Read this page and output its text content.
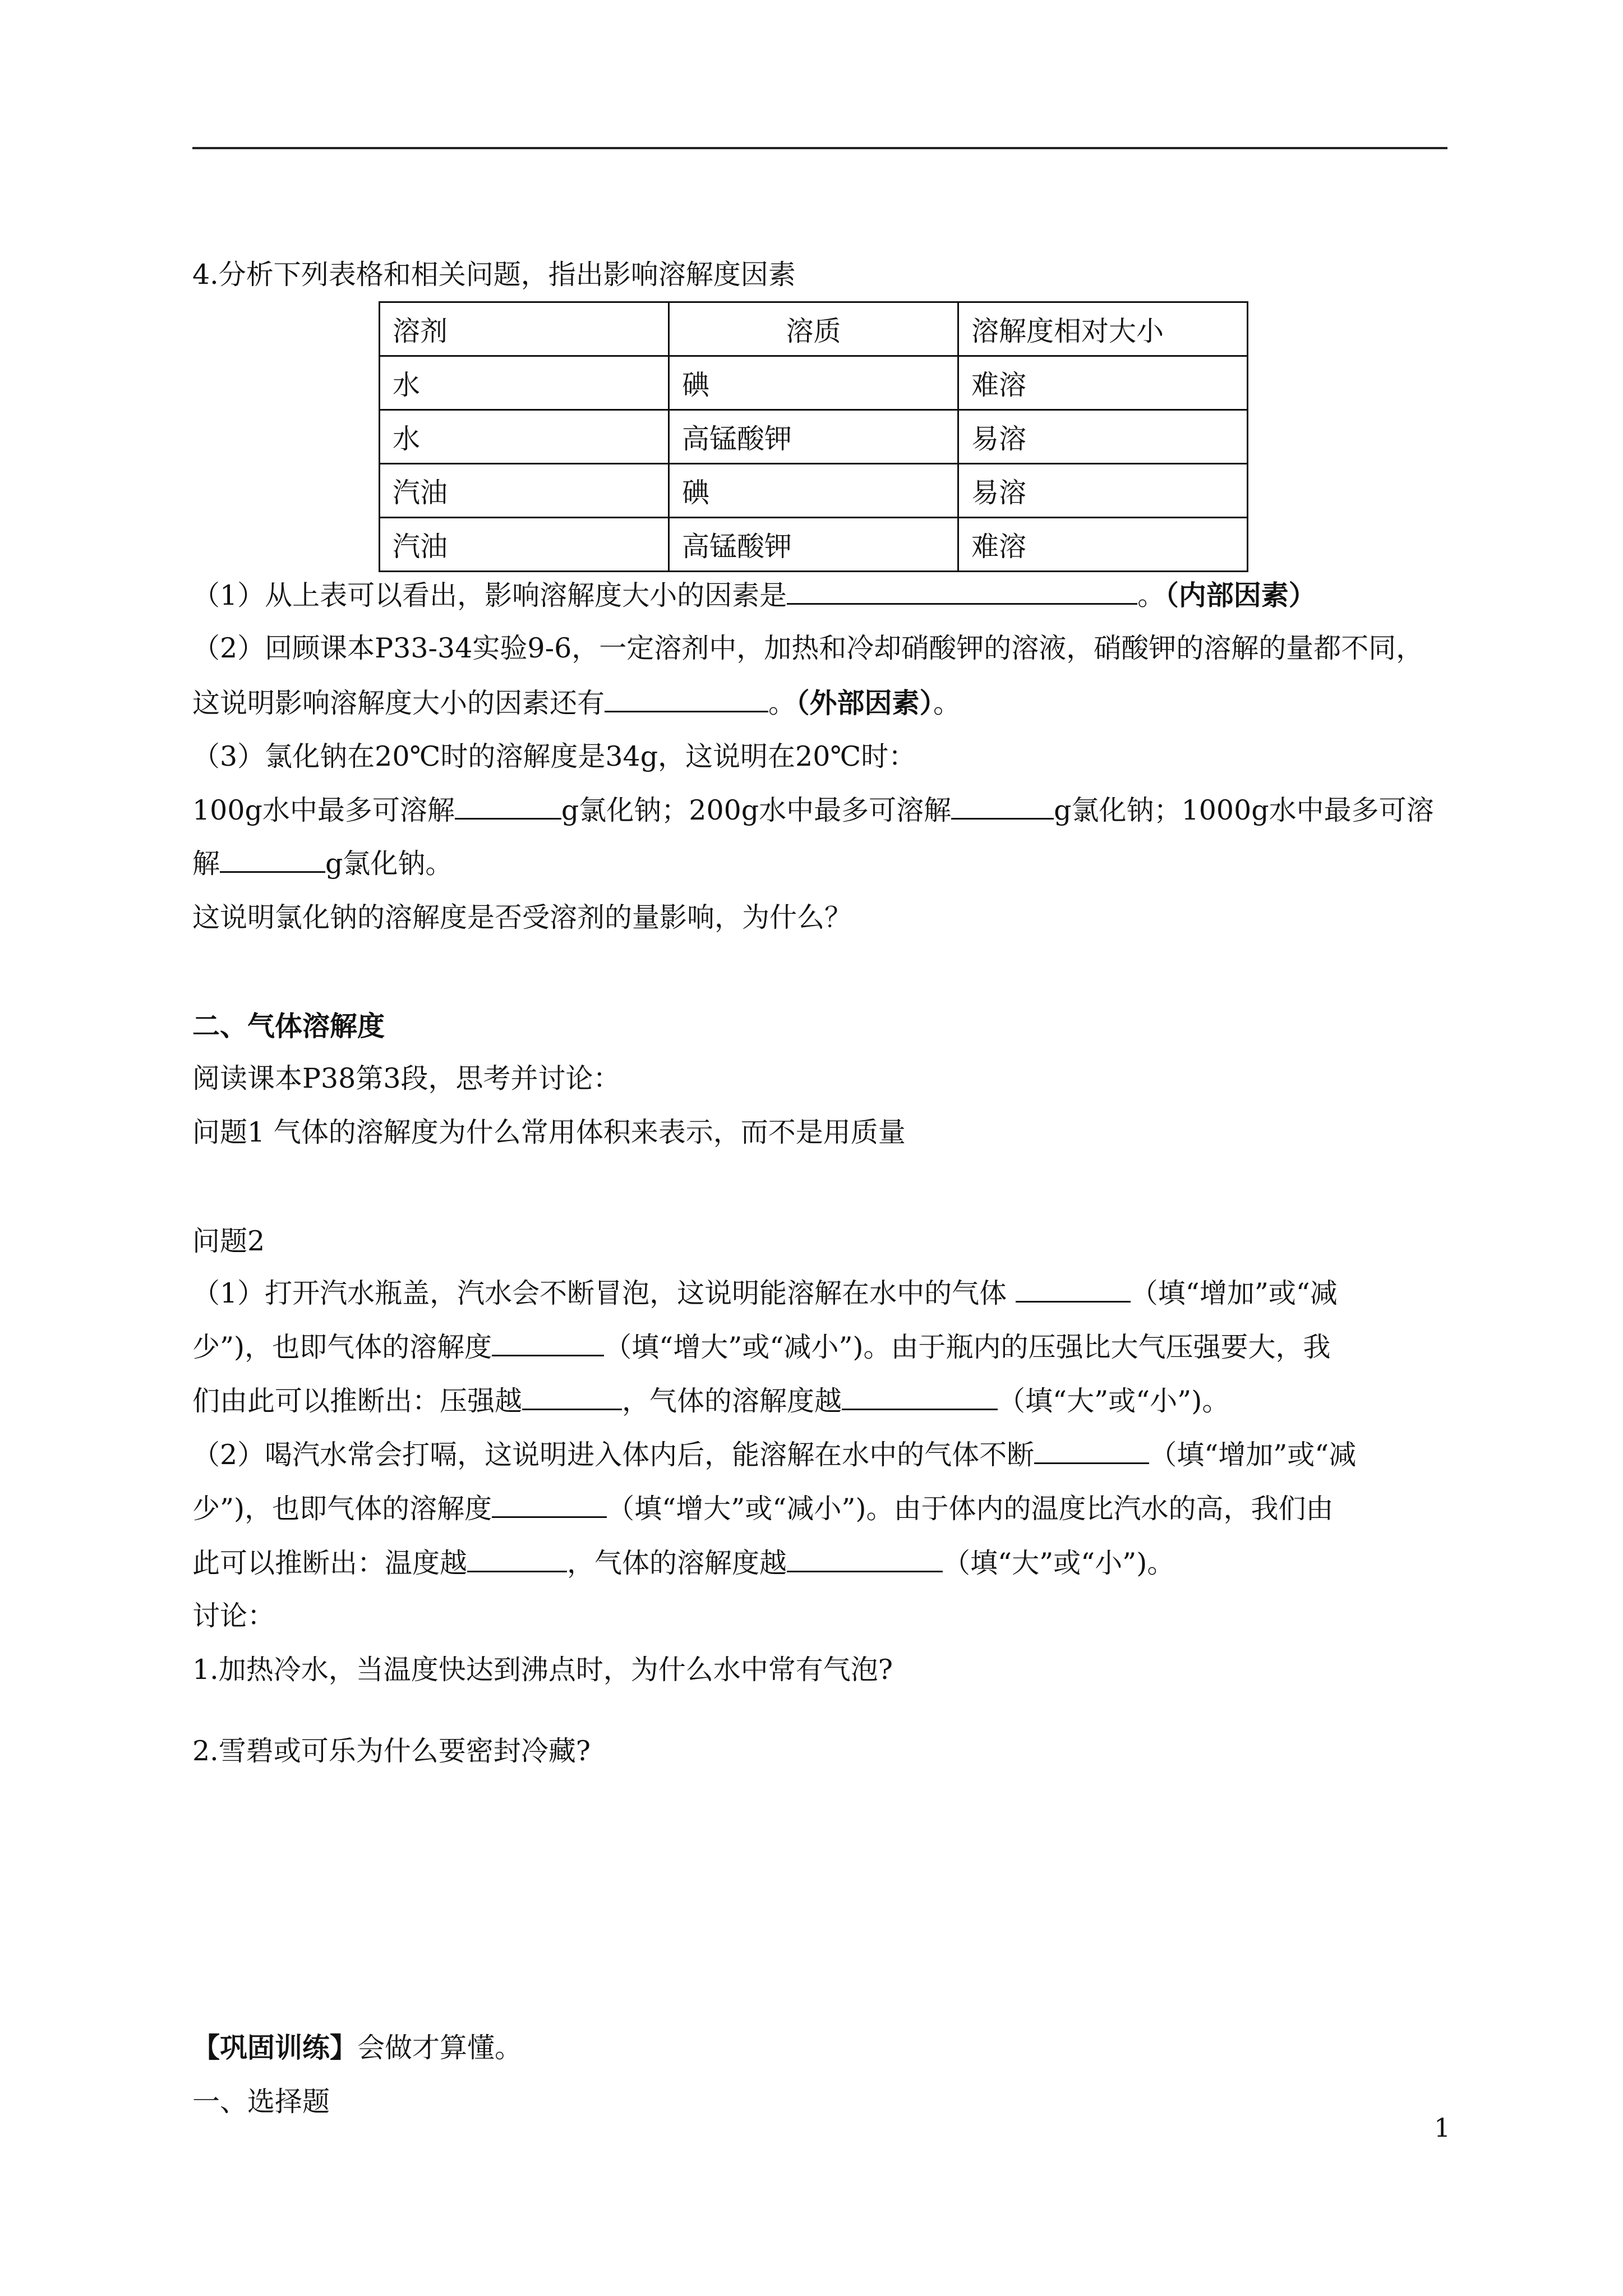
4.分析下列表格和相关问题，指出影响溶解度因素
溶剂	溶质	溶解度相对大小
水	碘	难溶
水	高锰酸钾	易溶
汽油	碘	易溶
汽油	高锰酸钾	难溶
（1）从上表可以看出，影响溶解度大小的因素是	。（内部因素）
（2）回顾课本P33-34实验9-6，一定溶剂中，加热和冷却硝酸钾的溶液，硝酸钾的溶解的量都不同，
这说明影响溶解度大小的因素还有	。（外部因素）。
（3）氯化钠在20℃时的溶解度是34g，这说明在20℃时：
100g水中最多可溶解	g氯化钠；200g水中最多可溶解	g氯化钠；1000g水中最多可溶
解	g氯化钠。
这说明氯化钠的溶解度是否受溶剂的量影响，为什么？
二、气体溶解度
阅读课本P38第3段，思考并讨论：
问题1 气体的溶解度为什么常用体积来表示，而不是用质量
问题2
（1）打开汽水瓶盖，汽水会不断冒泡，这说明能溶解在水中的气体	（填“增加”或“减
少”)，也即气体的溶解度	（填“增大”或“减小”)。由于瓶内的压强比大气压强要大，我
们由此可以推断出：压强越	，气体的溶解度越	（填“大”或“小”)。
（2）喝汽水常会打嗝，这说明进入体内后，能溶解在水中的气体不断	（填“增加”或“减
少”)，也即气体的溶解度	（填“增大”或“减小”)。由于体内的温度比汽水的高，我们由
此可以推断出：温度越	，气体的溶解度越	（填“大”或“小”)。
讨论：
1.加热冷水，当温度快达到沸点时，为什么水中常有气泡?
2.雪碧或可乐为什么要密封冷藏?
【巩固训练】会做才算懂。
一、选择题
1
